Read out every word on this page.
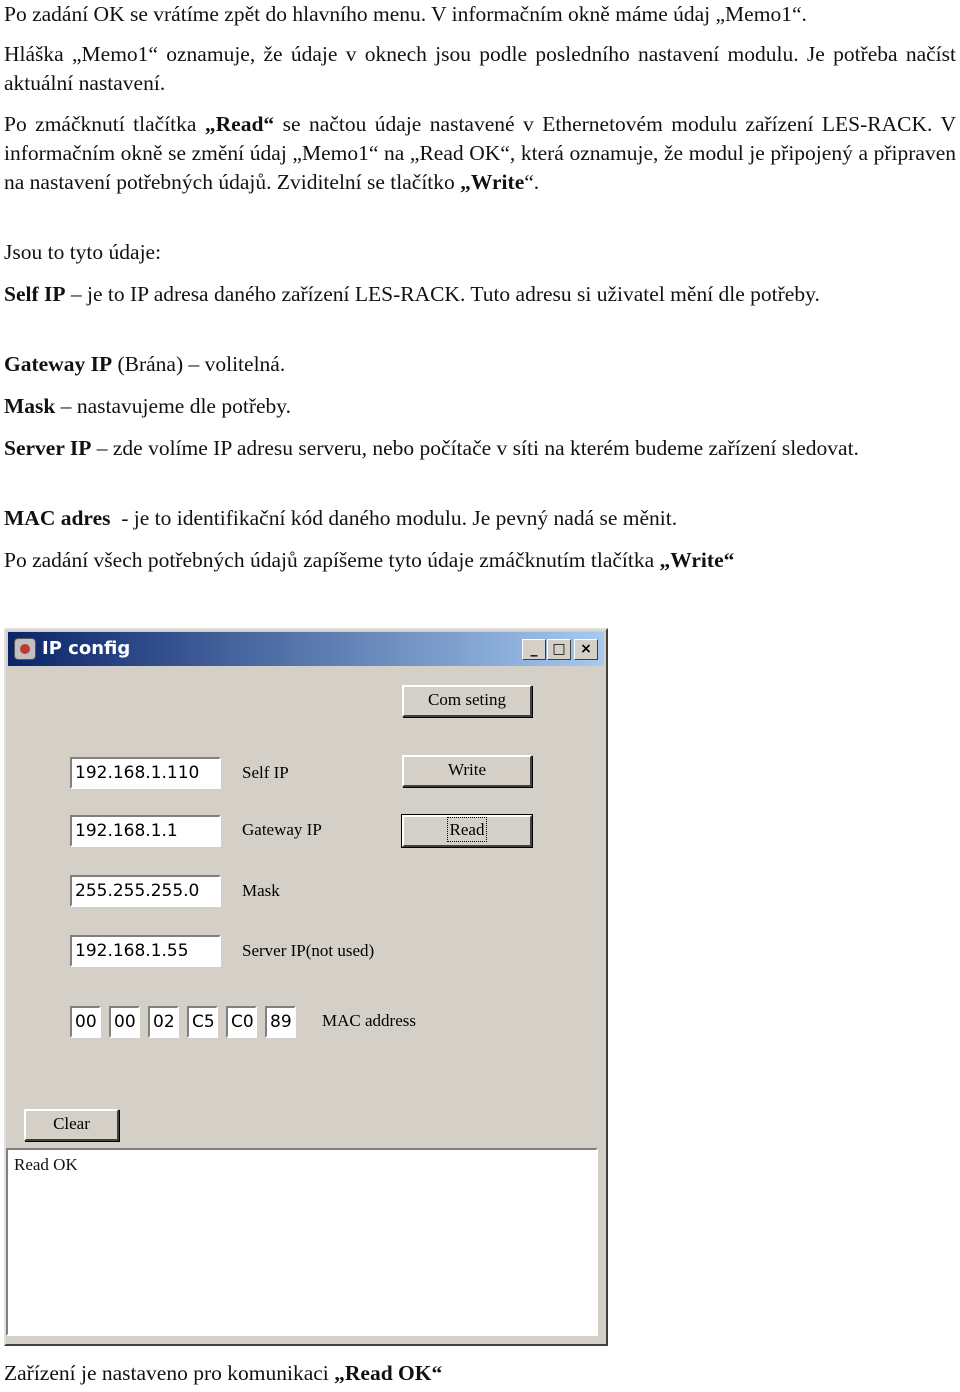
Po zadání OK se vrátíme zpět do hlavního menu. V informačním okně máme údaj „Memo1“.

Hláška „Memo1“ oznamuje, že údaje v oknech jsou podle posledního nastavení modulu. Je potřeba načíst aktuální nastavení.

Po zmáčknutí tlačítka „Read“ se načtou údaje nastavené v Ethernetovém modulu zařízení LES-RACK. V informačním okně se změní údaj „Memo1“ na „Read OK“, která oznamuje, že modul je připojený a připraven na nastavení potřebných údajů. Zviditelní se tlačítko „Write“.

Jsou to tyto údaje:

Self IP – je to IP adresa daného zařízení LES-RACK. Tuto adresu si uživatel mění dle potřeby.

Gateway IP (Brána) – volitelná.

Mask – nastavujeme dle potřeby.

Server IP – zde volíme IP adresu serveru, nebo počítače v síti na kterém budeme zařízení sledovat.

MAC adres  - je to identifikační kód daného modulu. Je pevný nadá se měnit.

Po zadání všech potřebných údajů zapíšeme tyto údaje zmáčknutím tlačítka „Write“

Zařízení je nastaveno pro komunikaci „Read OK“

IP config	_	□	×
Com seting
Write
Read
Clear
192.168.1.110	Self IP
192.168.1.1	Gateway IP
255.255.255.0	Mask
192.168.1.55	Server IP(not used)
00 00 02 C5 C0 89 MAC address
Read OK
